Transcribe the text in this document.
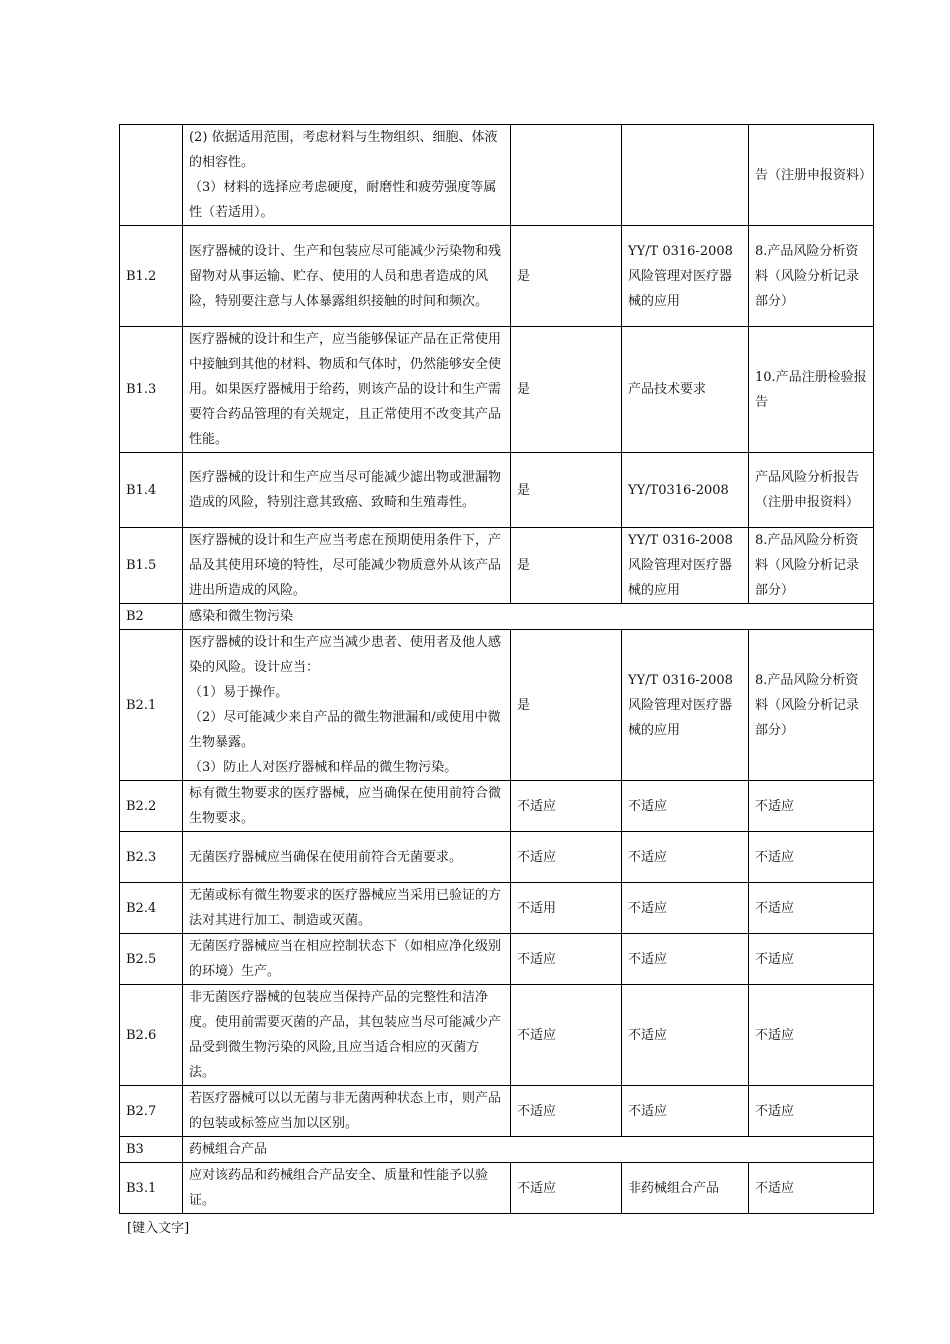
	(2) 依据适用范围，考虑材料与生物组织、细胞、体液的相容性。
（3）材料的选择应考虑硬度，耐磨性和疲劳强度等属性（若适用）。			告（注册申报资料）
B1.2	医疗器械的设计、生产和包装应尽可能减少污染物和残留物对从事运输、贮存、使用的人员和患者造成的风险，特别要注意与人体暴露组织接触的时间和频次。	是	YY/T 0316-2008 风险管理对医疗器械的应用	8.产品风险分析资料（风险分析记录部分）
B1.3	医疗器械的设计和生产，应当能够保证产品在正常使用中接触到其他的材料、物质和气体时，仍然能够安全使用。如果医疗器械用于给药，则该产品的设计和生产需要符合药品管理的有关规定，且正常使用不改变其产品性能。	是	产品技术要求	10.产品注册检验报告
B1.4	医疗器械的设计和生产应当尽可能减少滤出物或泄漏物造成的风险，特别注意其致癌、致畸和生殖毒性。	是	YY/T0316-2008	产品风险分析报告（注册申报资料）
B1.5	医疗器械的设计和生产应当考虑在预期使用条件下，产品及其使用环境的特性，尽可能减少物质意外从该产品进出所造成的风险。	是	YY/T 0316-2008 风险管理对医疗器械的应用	8.产品风险分析资料（风险分析记录部分）
B2	感染和微生物污染			
B2.1	医疗器械的设计和生产应当减少患者、使用者及他人感染的风险。设计应当：
（1）易于操作。
（2）尽可能减少来自产品的微生物泄漏和/或使用中微生物暴露。
（3）防止人对医疗器械和样品的微生物污染。	是	YY/T 0316-2008 风险管理对医疗器械的应用	8.产品风险分析资料（风险分析记录部分）
B2.2	标有微生物要求的医疗器械，应当确保在使用前符合微生物要求。	不适应	不适应	不适应
B2.3	无菌医疗器械应当确保在使用前符合无菌要求。	不适应	不适应	不适应
B2.4	无菌或标有微生物要求的医疗器械应当采用已验证的方法对其进行加工、制造或灭菌。	不适用	不适应	不适应
B2.5	无菌医疗器械应当在相应控制状态下（如相应净化级别的环境）生产。	不适应	不适应	不适应
B2.6	非无菌医疗器械的包装应当保持产品的完整性和洁净度。使用前需要灭菌的产品，其包装应当尽可能减少产品受到微生物污染的风险,且应当适合相应的灭菌方法。	不适应	不适应	不适应
B2.7	若医疗器械可以以无菌与非无菌两种状态上市，则产品的包装或标签应当加以区别。	不适应	不适应	不适应
B3	药械组合产品			
B3.1	应对该药品和药械组合产品安全、质量和性能予以验证。	不适应	非药械组合产品	不适应
[键入文字]
